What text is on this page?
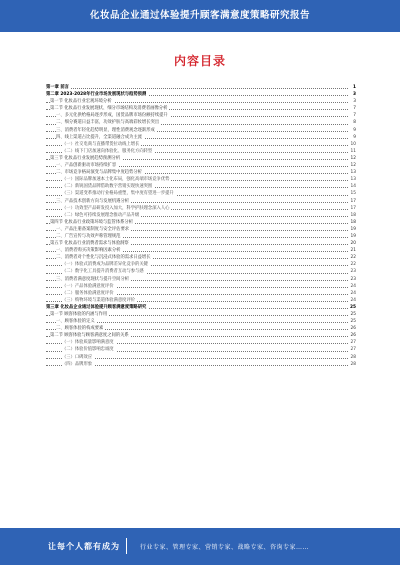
化妆品企业通过体验提升顾客满意度策略研究报告
内容目录
第一章 前言	1
第二章 2023-2028年行业市场发展现状与趋势预测	3
第一节 化妆品行业宏观环境分析	3
第二节 化妆品行业发展现状、细分市场结构及消费者画像分析	7
一、多元化供给格局逐步形成，国货品牌市场份额持续提升	7
二、细分赛道日益丰富，功效护肤与高端彩妆增长突出	8
三、消费者年轻化趋势明显，理性消费观念逐渐形成	9
四、线上渠道占比提升，全渠道融合成为主流	9
（一）社交电商与直播带货拉动线上增长	10
（二）线下门店加速向体验化、服务化方向转型	11
第三节 化妆品行业发展趋势预测分析	12
一、产品创新驱动市场持续扩容	12
二、市场竞争格局演变与品牌集中度趋势分析	13
（一）国际品牌加速本土化布局，强化高端市场竞争优势	13
（二）新锐国货品牌借助数字营销实现快速突围	14
（三）渠道变革推动行业格局重塑，集中度有望进一步提升	15
三、产品技术创新方向与发展机遇分析	17
（一）功效型产品研发投入加大，科学护肤理念深入人心	17
（二）绿色可持续发展理念推动产品升级	18
第四节 化妆品行业政策环境与监管体系分析	18
一、产品注册备案制度与安全评估要求	19
二、广告宣传与功效声称管理规范	19
第五节 化妆品行业消费者需求与体验洞察	20
一、消费者购买决策影响因素分析	21
二、消费者对个性化与沉浸式体验的需求日益增长	22
（一）体验式消费成为品牌差异化竞争的关键	22
（二）数字化工具提升消费者互动与参与感	23
三、消费者满意度现状与提升空间分析	23
（一）产品体验满意度评价	24
（二）服务体验满意度评价	24
（三）购物环境与渠道体验满意度评价	24
第三章 化妆品企业通过体验提升顾客满意度策略研究	25
第一节 顾客体验的内涵与作用	25
一、顾客体验的定义	25
二、顾客体验的构成要素	26
第二节 顾客体验与顾客满意度之间的关系	26
（一）体验质量影响满意度	27
（二）体验价值影响忠诚度	27
（三）口碑效应	28
（四）品牌形象	28
让每个人都有成为	行业专家、管理专家、营销专家、战略专家、咨询专家……
